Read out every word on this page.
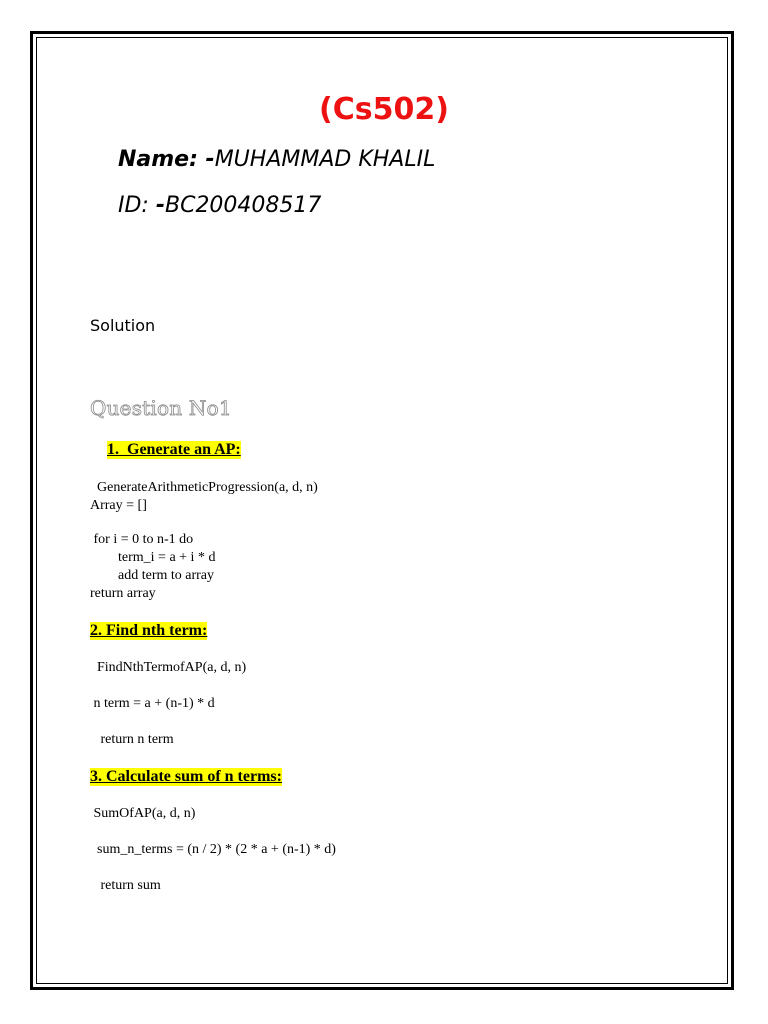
(Cs502)
Name: -MUHAMMAD KHALIL
ID: -BC200408517
Solution
Question No1
1.  Generate an AP:
GenerateArithmeticProgression(a, d, n)
Array = []
for i = 0 to n-1 do
term_i = a + i * d
add term to array
return array
2. Find nth term:
FindNthTermofAP(a, d, n)
n term = a + (n-1) * d
return n term
3. Calculate sum of n terms:
SumOfAP(a, d, n)
sum_n_terms = (n / 2) * (2 * a + (n-1) * d)
return sum
